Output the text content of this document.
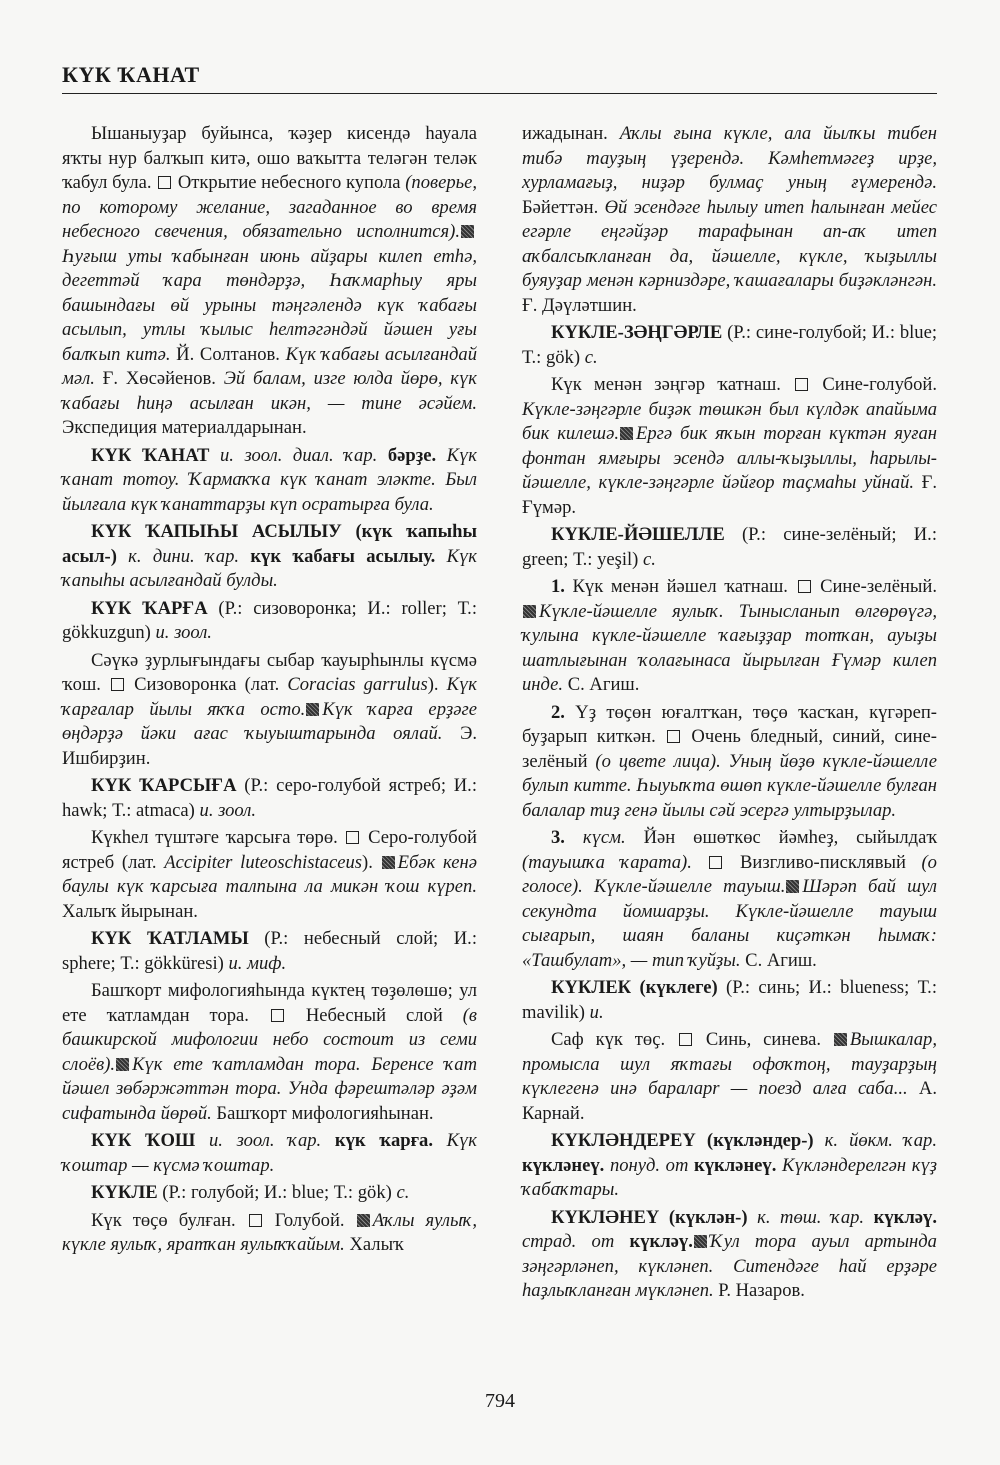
КҮК ҠАНАТ

Ышаныуҙар буйынса, ҡәҙер кисендә һауала яҡты нур балҡып китә, ошо ваҡытта теләгән теләк ҡабул була.  Открытие небесного купола (поверье, по которому желание, загаданное во время небесного свечения, обязательно исполнится).Һуғыш уты ҡабынған июнь айҙары килеп етһә, дегеттәй ҡара төндәрҙә, Һаҡмарһыу яры башындағы өй урыны тәңгәлендә күк ҡабағы асылып, утлы ҡылыс һелтәгәндәй йәшен уғы балҡып китә. Й. Солтанов. Күк ҡабағы асылғандай мәл. Ғ. Хөсәйенов. Эй балам, изге юлда йөрө, күк ҡабағы һиңә асылған икән, — тине әсәйем. Экспедиция материалдарынан.

КҮК ҠАНАТ и. зоол. диал. ҡар. бәрҙе. Күк ҡанат тотоу. Ҡармаҡҡа күк ҡанат эләкте. Был йылғала күк ҡанаттарҙы күп осратырға була.

КҮК ҠАПЫҺЫ АСЫЛЫУ (күк ҡапыһы асыл-) к. дини. ҡар. күк ҡабағы асылыу. Күк ҡапыһы асылғандай булды.

КҮК ҠАРҒА (Р.: сизоворонка; И.: roller; Т.: gökkuzgun) и. зоол.

Сәүкә ҙурлығындағы сыбар ҡауырһынлы күсмә ҡош.  Сизоворонка (лат. Coracias garrulus). Күк ҡарғалар йылы яҡҡа осто. Күк ҡарға ерҙәге өңдәрҙә йәки ағас ҡыуыштарында оялай. Э. Ишбирҙин.

КҮК ҠАРСЫҒА (Р.: серо-голубой ястреб; И.: hawk; Т.: atmaca) и. зоол.

Күкһел түштәге ҡарсыға төрө.  Серо-голубой ястреб (лат. Accipiter luteoschistaceus). Ебәк кенә баулы күк ҡарсыға талпына ла микән ҡош күреп. Халыҡ йырынан.

КҮК ҠАТЛАМЫ (Р.: небесный слой; И.: sphere; Т.: gökküresi) и. миф.

Башҡорт мифологияһында күктең төҙөлөшө; ул ете ҡатламдан тора.  Небесный слой (в башкирской мифологии небо состоит из семи слоёв). Күк ете ҡатламдан тора. Беренсе ҡат йәшел зөбәржәттән тора. Унда фәрештәләр әҙәм сифатында йөрөй. Башҡорт мифологияһынан.

КҮК ҠОШ и. зоол. ҡар. күк ҡарға. Күк ҡоштар — күсмә ҡоштар.

КҮКЛЕ (Р.: голубой; И.: blue; Т.: gök) с.

Күк төҫө булған.  Голубой. Аҡлы яулыҡ, күкле яулыҡ, яратҡан яулыҡҡайым. Халыҡ

ижадынан. Аҡлы ғына күкле, ала йылҡы тибен тибә тауҙың үҙерендә. Кәмһетмәгеҙ ирҙе, хурламағыҙ, ниҙәр булмаҫ уның ғүмерендә. Бәйеттән. Өй эсендәге һылыу итеп һалынған мейес егәрле еңгәйҙәр тарафынан ап-аҡ итеп аҡбалсыҡланған да, йәшелле, күкле, ҡыҙыллы буяуҙар менән кәрниздәре, ҡашағалары биҙәкләнгән. Ғ. Дәүләтшин.

КҮКЛЕ-ЗӘҢГӘРЛЕ (Р.: сине-голубой; И.: blue; Т.: gök) с.

Күк менән зәңгәр ҡатнаш.  Сине-голубой. Күкле-зәңгәрле биҙәк төшкән был күлдәк апайыма бик килешә. Ергә бик яҡын торған күктән яуған фонтан ямғыры эсендә аллы-ҡыҙыллы, һарылы-йәшелле, күкле-зәңгәрле йәйғор таҫмаһы уйнай. Ғ. Ғүмәр.

КҮКЛЕ-ЙӘШЕЛЛЕ (Р.: сине-зелёный; И.: green; Т.: yeşil) с.

1. Күк менән йәшел ҡатнаш.  Сине-зелёный. Күкле-йәшелле яулыҡ. Тынысланып өлгөрөүгә, ҡулына күкле-йәшелле ҡағыҙҙар тотҡан, ауыҙы шатлығынан ҡолағынаса йырылған Ғүмәр килеп инде. С. Агиш.

2. Үҙ төҫөн юғалтҡан, төҫө ҡасҡан, күгәреп-буҙарып киткән.  Очень бледный, синий, сине-зелёный (о цвете лица). Уның йөҙө күкле-йәшелле булып китте. Һыуыҡта өшөп күкле-йәшелле булған балалар тиҙ генә йылы сәй эсергә ултырҙылар.

3. күсм. Йән өшөткөс йәмһеҙ, сыйылдаҡ (тауышҡа ҡарата).  Визгливо-писклявый (о голосе). Күкле-йәшелле тауыш. Шәрәп бай шул секундта йомшарҙы. Күкле-йәшелле тауыш сығарып, шаян баланы киҫәткән һымаҡ: «Ташбулат», — тип ҡуйҙы. С. Агиш.

КҮКЛЕК (күклеге) (Р.: синь; И.: blueness; Т.: mavilik) и.

Саф күк төҫ.  Синь, синева. Вышкалар, промысла шул яҡтағы офоҡтоң, тауҙарҙың күклегенә инә бараларr — поезд алға саба... А. Карнай.

КҮКЛӘНДЕРЕҮ (күкләндер-) к. йөкм. ҡар. күкләнеү. понуд. от күкләнеү. Күкләндерелгән күҙ ҡабаҡтары.

КҮКЛӘНЕҮ (күклән-) к. төш. ҡар. күкләү. страд. от күкләү. Ҡул тора ауыл артында зәңгәрләнеп, күкләнеп. Ситендәге һай ерҙәре һаҙлыҡланған мүкләнеп. Р. Назаров.

794
